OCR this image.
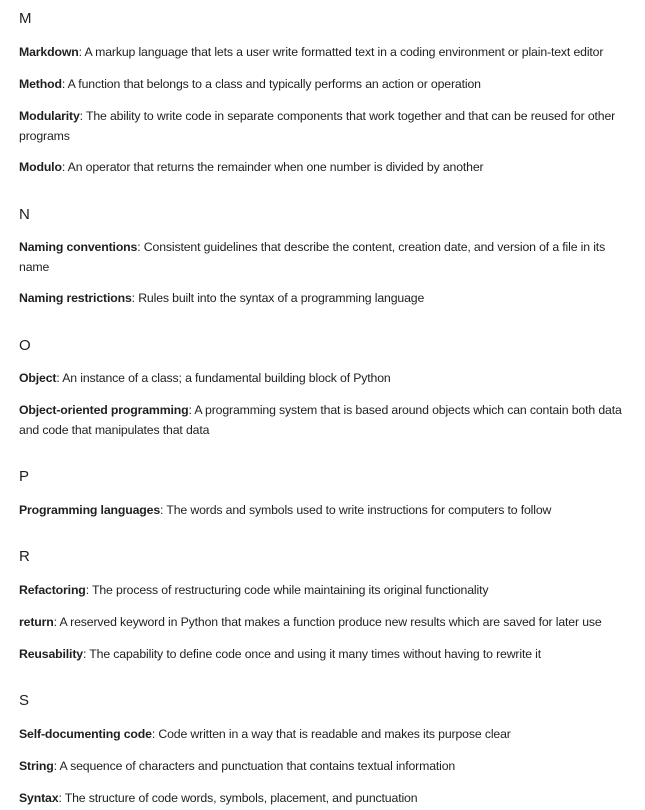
M
Markdown: A markup language that lets a user write formatted text in a coding environment or plain-text editor
Method: A function that belongs to a class and typically performs an action or operation
Modularity: The ability to write code in separate components that work together and that can be reused for other programs
Modulo: An operator that returns the remainder when one number is divided by another
N
Naming conventions: Consistent guidelines that describe the content, creation date, and version of a file in its name
Naming restrictions: Rules built into the syntax of a programming language
O
Object: An instance of a class; a fundamental building block of Python
Object-oriented programming: A programming system that is based around objects which can contain both data and code that manipulates that data
P
Programming languages: The words and symbols used to write instructions for computers to follow
R
Refactoring: The process of restructuring code while maintaining its original functionality
return: A reserved keyword in Python that makes a function produce new results which are saved for later use
Reusability: The capability to define code once and using it many times without having to rewrite it
S
Self-documenting code: Code written in a way that is readable and makes its purpose clear
String: A sequence of characters and punctuation that contains textual information
Syntax: The structure of code words, symbols, placement, and punctuation
